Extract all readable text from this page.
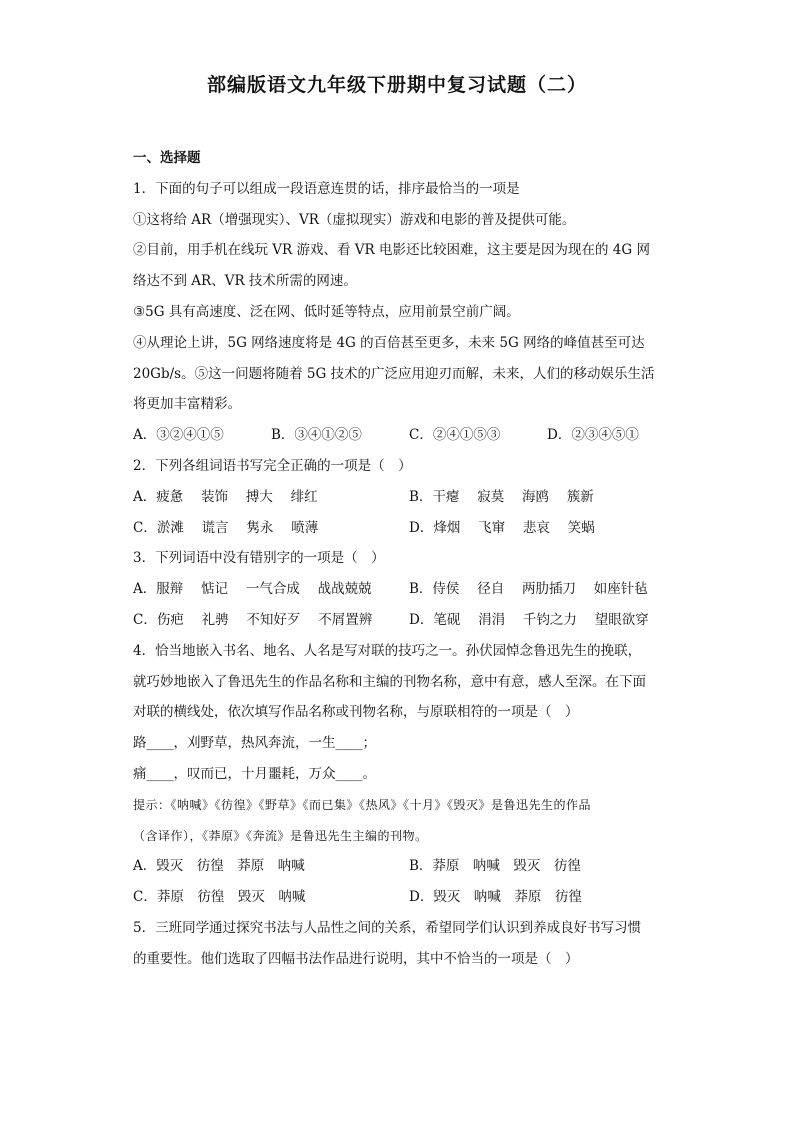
部编版语文九年级下册期中复习试题（二）

一、选择题

1．下面的句子可以组成一段语意连贯的话，排序最恰当的一项是

①这将给 AR（增强现实）、VR（虚拟现实）游戏和电影的普及提供可能。

②目前，用手机在线玩 VR 游戏、看 VR 电影还比较困难，这主要是因为现在的 4G 网

络达不到 AR、VR 技术所需的网速。

③5G 具有高速度、泛在网、低时延等特点，应用前景空前广阔。

④从理论上讲，5G 网络速度将是 4G 的百倍甚至更多，未来 5G 网络的峰值甚至可达

20Gb/s。⑤这一问题将随着 5G 技术的广泛应用迎刃而解，未来，人们的移动娱乐生活

将更加丰富精彩。

A．③②④①⑤	B．③④①②⑤	C．②④①⑤③	D．②③④⑤①

2．下列各组词语书写完全正确的一项是（　）

A．疲惫　 装饰　 搏大　 绯红	B．干瘪　 寂莫　 海鸥　 簇新
C．淤滩　 谎言　 隽永　 喷薄	D．烽烟　 飞窜　 悲哀　 笑蜗

3．下列词语中没有错别字的一项是（　）

A．服辩　 惦记　 一气合成　 战战兢兢	B．侍侯　 径自　 两肋插刀　 如座针毡
C．伤疤　 礼骋　 不知好歹　 不屑置辨	D．笔砚　 涓涓　 千钧之力　 望眼欲穿

4．恰当地嵌入书名、地名、人名是写对联的技巧之一。孙伏园悼念鲁迅先生的挽联，

就巧妙地嵌入了鲁迅先生的作品名称和主编的刊物名称，意中有意，感人至深。在下面

对联的横线处，依次填写作品名称或刊物名称，与原联相符的一项是（　）

路____，刈野草，热风奔流，一生____；

痛____，叹而已，十月噩耗，万众____。

提示：《呐喊》《彷徨》《野草》《而已集》《热风》《十月》《毁灭》是鲁迅先生的作品

（含译作），《莽原》《奔流》是鲁迅先生主编的刊物。

A．毁灭　彷徨　莽原　呐喊	B．莽原　呐喊　毁灭　彷徨
C．莽原　彷徨　毁灭　呐喊	D．毁灭　呐喊　莽原　彷徨

5．三班同学通过探究书法与人品性之间的关系，希望同学们认识到养成良好书写习惯

的重要性。他们选取了四幅书法作品进行说明，其中不恰当的一项是（　）
